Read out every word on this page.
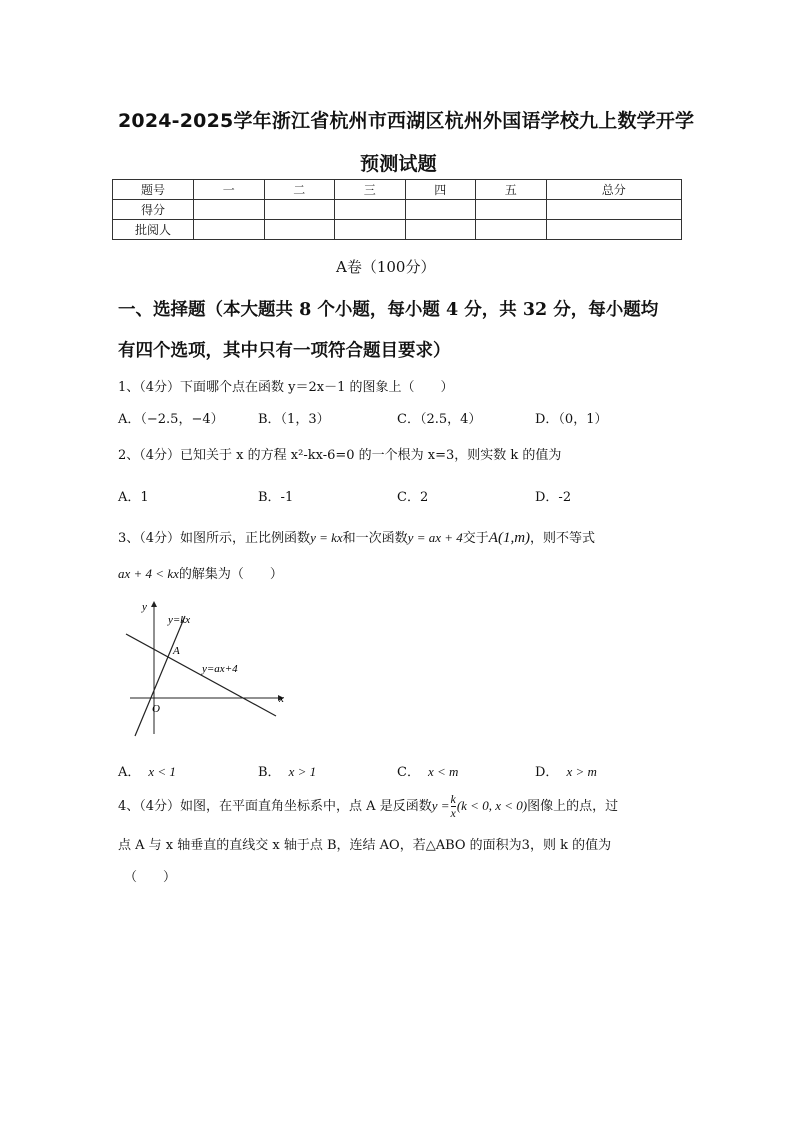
2024-2025学年浙江省杭州市西湖区杭州外国语学校九上数学开学
预测试题
题号	一	二	三	四	五	总分
得分						
批阅人						
A卷（100分）
一、选择题（本大题共 8 个小题，每小题 4 分，共 32 分，每小题均
有四个选项，其中只有一项符合题目要求）
1、（4分）下面哪个点在函数 y＝2x－1 的图象上（　　）
A．（−2.5，−4）	B．（1，3）	C．（2.5，4）	D．（0，1）
2、（4分）已知关于 x 的方程 x²-kx-6=0 的一个根为 x=3，则实数 k 的值为
A．1	B．-1	C．2	D．-2
3、（4分）如图所示，正比例函数y = kx和一次函数y = ax + 4交于A(1,m)，则不等式
ax + 4 < kx的解集为（　　）
y
x
O
A
y=kx
y=ax+4
A． x < 1	B． x > 1	C． x < m	D． x > m
4、（4分）如图，在平面直角坐标系中，点 A 是反函数$y = \frac{k}{x} (k < 0$, x < 0)图像上的点，过
点 A 与 x 轴垂直的直线交 x 轴于点 B，连结 AO，若△ABO 的面积为3，则 k 的值为
（　　）
